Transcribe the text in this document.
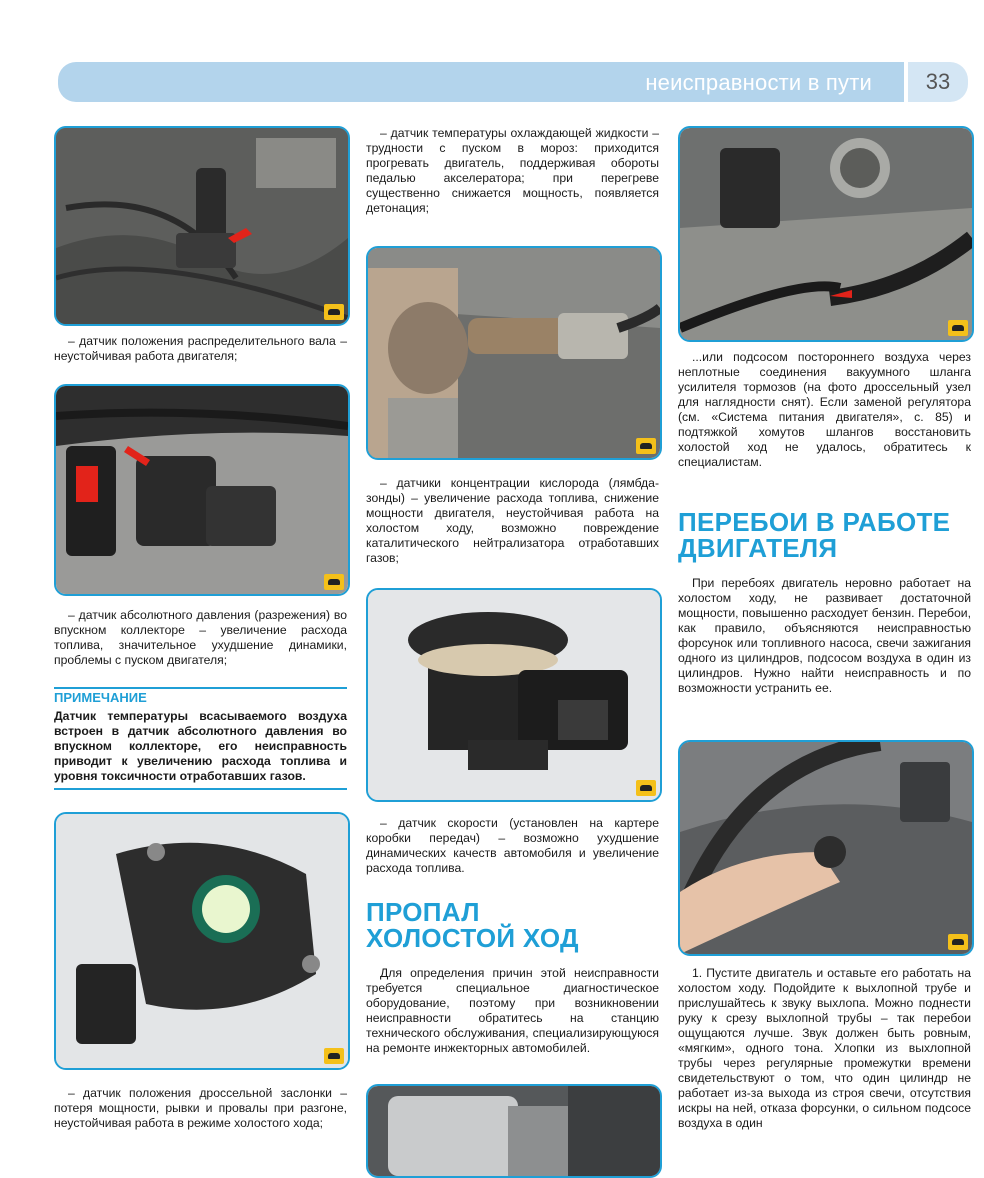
неисправности в пути	33

– датчик положения распределительного вала – неустойчивая работа двигателя;

– датчик абсолютного давления (разрежения) во впускном коллекторе – увеличение расхода топлива, значительное ухудшение динамики, проблемы с пуском двигателя;

ПРИМЕЧАНИЕ

Датчик температуры всасываемого воздуха встроен в датчик абсолютного давления во впускном коллекторе, его неисправность приводит к увеличению расхода топлива и уровня токсичности отработавших газов.

– датчик положения дроссельной заслонки – потеря мощности, рывки и провалы при разгоне, неустойчивая работа в режиме холостого хода;

– датчик температуры охлаждающей жидкости – трудности с пуском в мороз: приходится прогревать двигатель, поддерживая обороты педалью акселератора; при перегреве существенно снижается мощность, появляется детонация;

– датчики концентрации кислорода (лямбда-зонды) – увеличение расхода топлива, снижение мощности двигателя, неустойчивая работа на холостом ходу, возможно повреждение каталитического нейтрализатора отработавших газов;

– датчик скорости (установлен на картере коробки передач) – возможно ухудшение динамических качеств автомобиля и увеличение расхода топлива.

ПРОПАЛ
ХОЛОСТОЙ ХОД

Для определения причин этой неисправности требуется специальное диагностическое оборудование, поэтому при возникновении неисправности обратитесь на станцию технического обслуживания, специализирующуюся на ремонте инжекторных автомобилей.

...или подсосом постороннего воздуха через неплотные соединения вакуумного шланга усилителя тормозов (на фото дроссельный узел для наглядности снят). Если заменой регулятора (см. «Система питания двигателя», с. 85) и подтяжкой хомутов шлангов восстановить холостой ход не удалось, обратитесь к специалистам.

ПЕРЕБОИ В РАБОТЕ
ДВИГАТЕЛЯ

При перебоях двигатель неровно работает на холостом ходу, не развивает достаточной мощности, повышенно расходует бензин. Перебои, как правило, объясняются неисправностью форсунок или топливного насоса, свечи зажигания одного из цилиндров, подсосом воздуха в один из цилиндров. Нужно найти неисправность и по возможности устранить ее.

1. Пустите двигатель и оставьте его работать на холостом ходу. Подойдите к выхлопной трубе и прислушайтесь к звуку выхлопа. Можно поднести руку к срезу выхлопной трубы – так перебои ощущаются лучше. Звук должен быть ровным, «мягким», одного тона. Хлопки из выхлопной трубы через регулярные промежутки времени свидетельствуют о том, что один цилиндр не работает из-за выхода из строя свечи, отсутствия искры на ней, отказа форсунки, о сильном подсосе воздуха в один
